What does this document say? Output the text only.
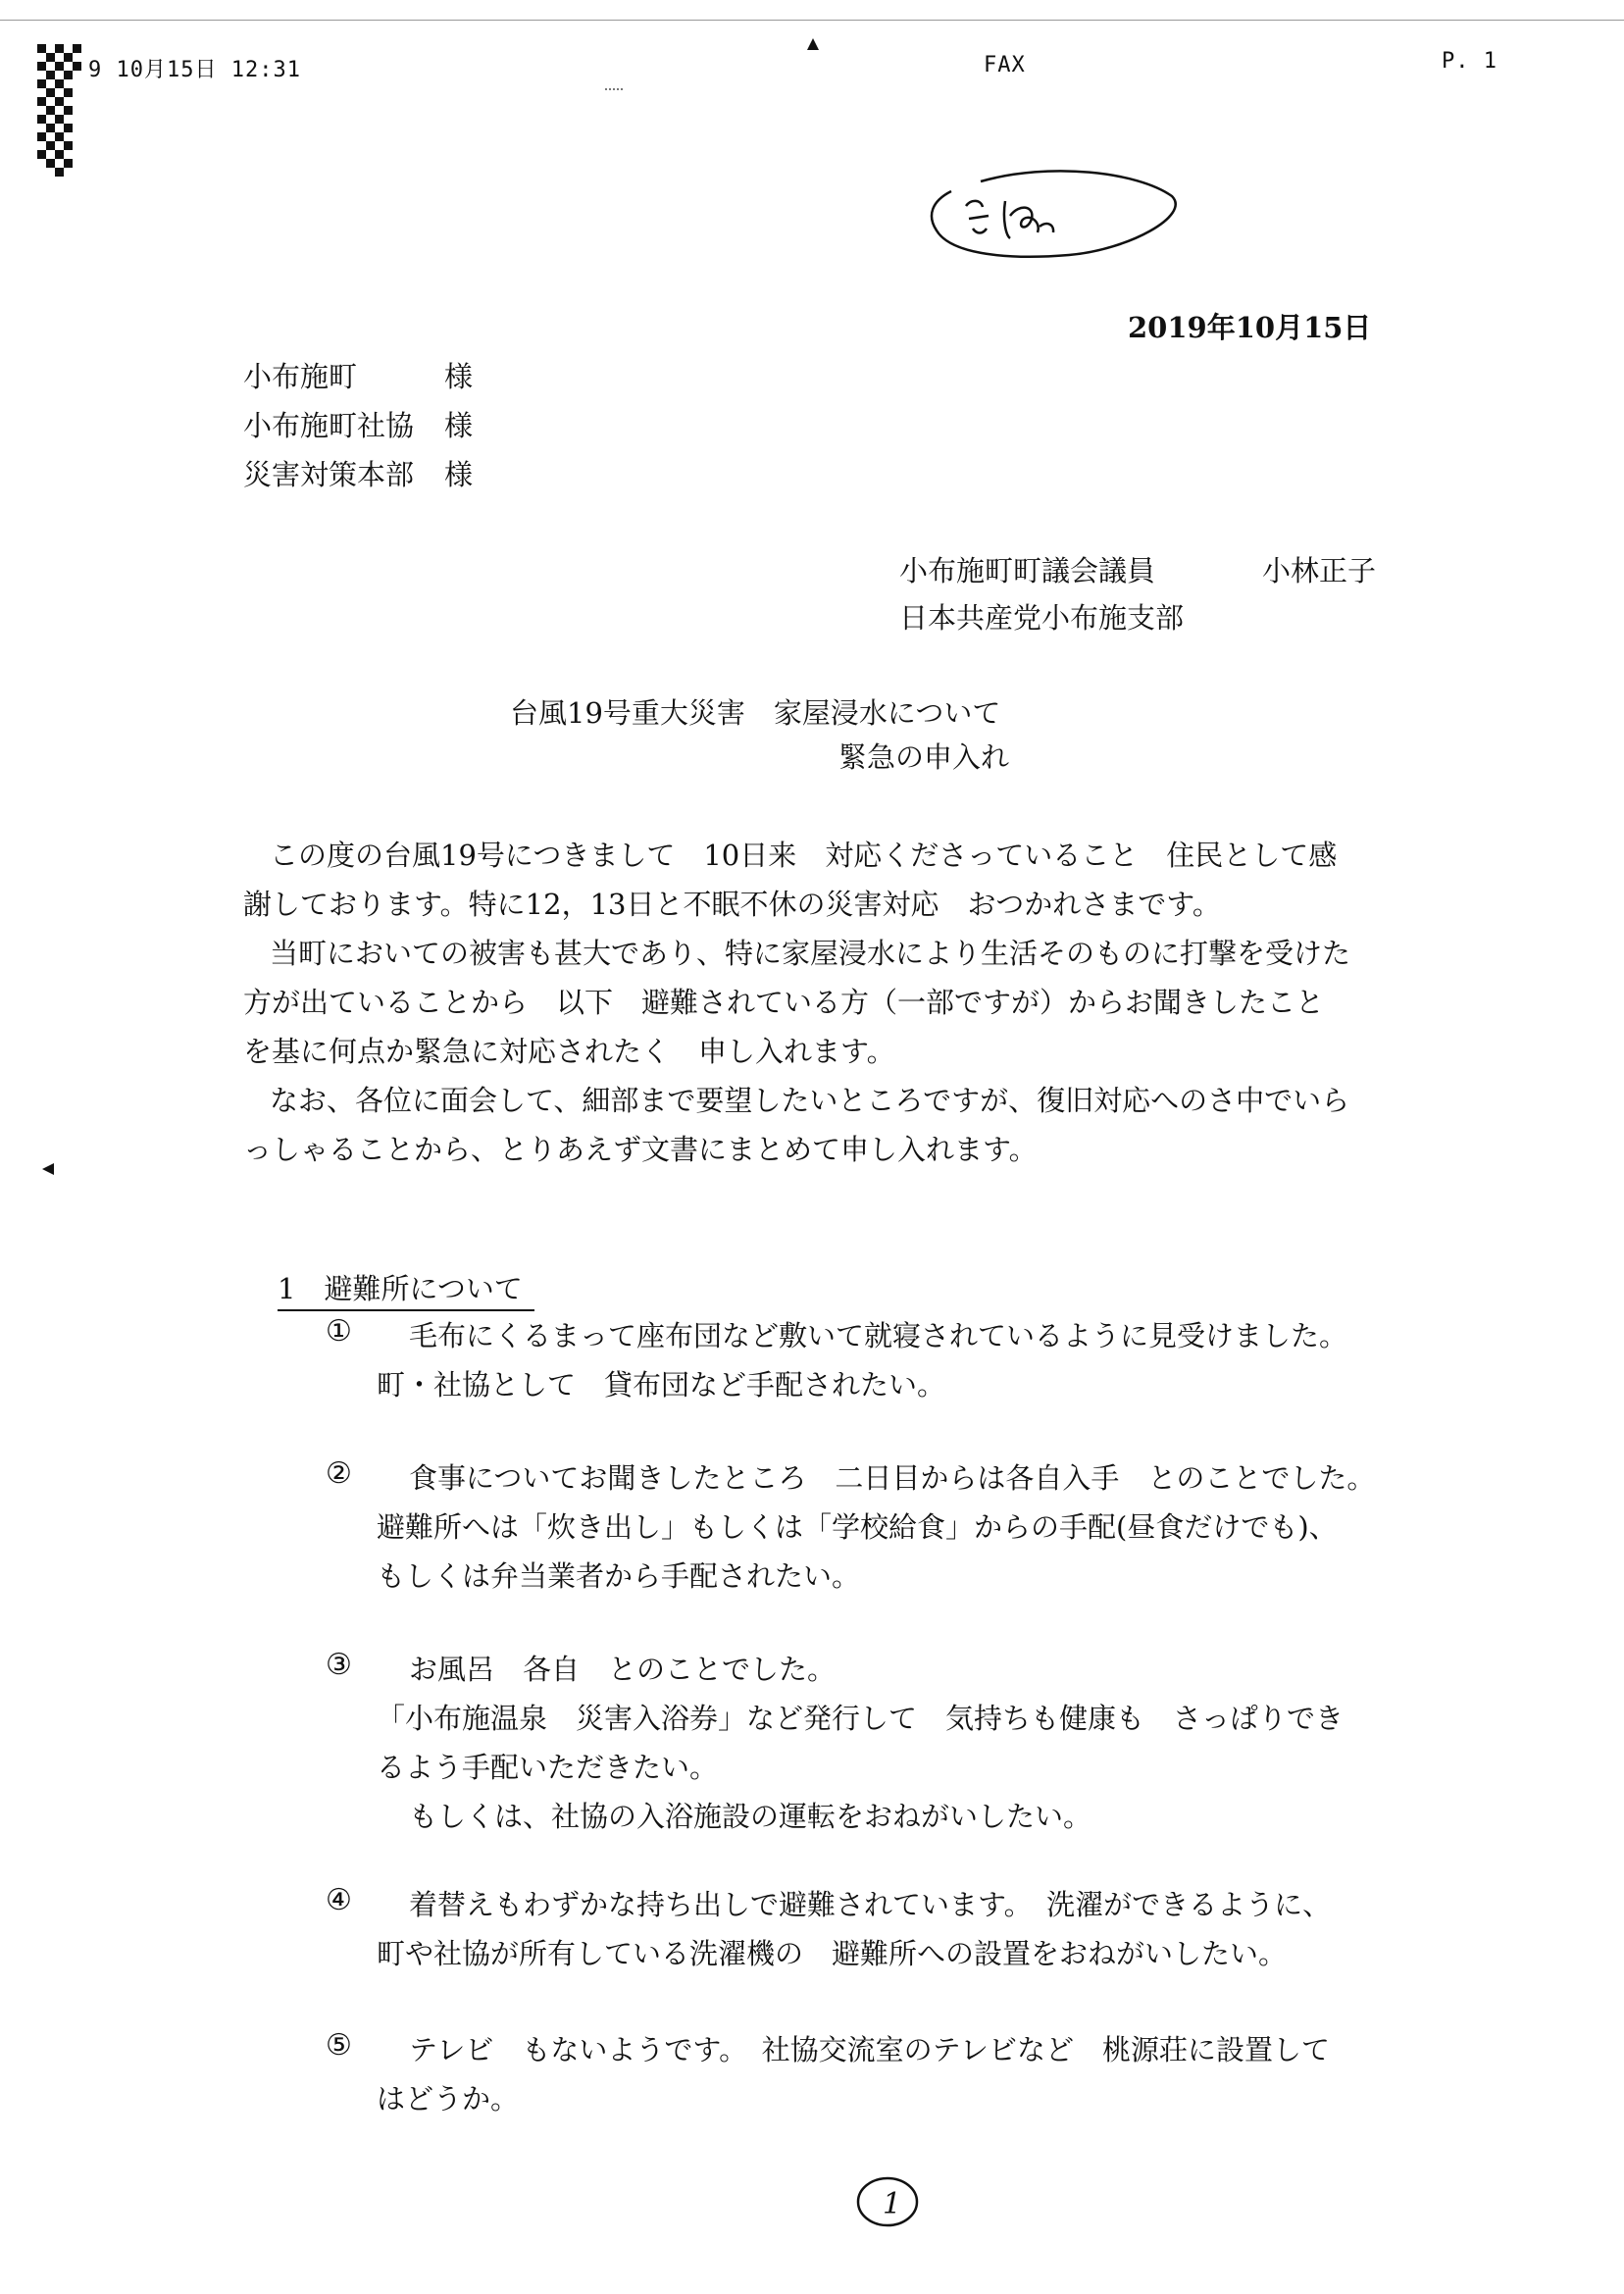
9 10月15日 12:31	FAX	P. 1
2019年10月15日
小布施町	様
小布施町社協 様
災害対策本部 様
小布施町町議会議員	小林正子
日本共産党小布施支部
台風19号重大災害　家屋浸水について
緊急の申入れ
この度の台風19号につきまして　10日来　対応くださっていること　住民として感
謝しております。特に12，13日と不眠不休の災害対応　おつかれさまです。
当町においての被害も甚大であり、特に家屋浸水により生活そのものに打撃を受けた
方が出ていることから　以下　避難されている方（一部ですが）からお聞きしたこと
を基に何点か緊急に対応されたく　申し入れます。
なお、各位に面会して、細部まで要望したいところですが、復旧対応へのさ中でいら
っしゃることから、とりあえず文書にまとめて申し入れます。
1　避難所について
① 毛布にくるまって座布団など敷いて就寝されているように見受けました。
町・社協として　貸布団など手配されたい。
② 食事についてお聞きしたところ　二日目からは各自入手　とのことでした。
避難所へは「炊き出し」もしくは「学校給食」からの手配(昼食だけでも)、
もしくは弁当業者から手配されたい。
③ お風呂　各自　とのことでした。
「小布施温泉　災害入浴券」など発行して　気持ちも健康も　さっぱりでき
るよう手配いただきたい。
もしくは、社協の入浴施設の運転をおねがいしたい。
④ 着替えもわずかな持ち出しで避難されています。　洗濯ができるように、
町や社協が所有している洗濯機の　避難所への設置をおねがいしたい。
⑤ テレビ　もないようです。　社協交流室のテレビなど　桃源荘に設置して
はどうか。
1
